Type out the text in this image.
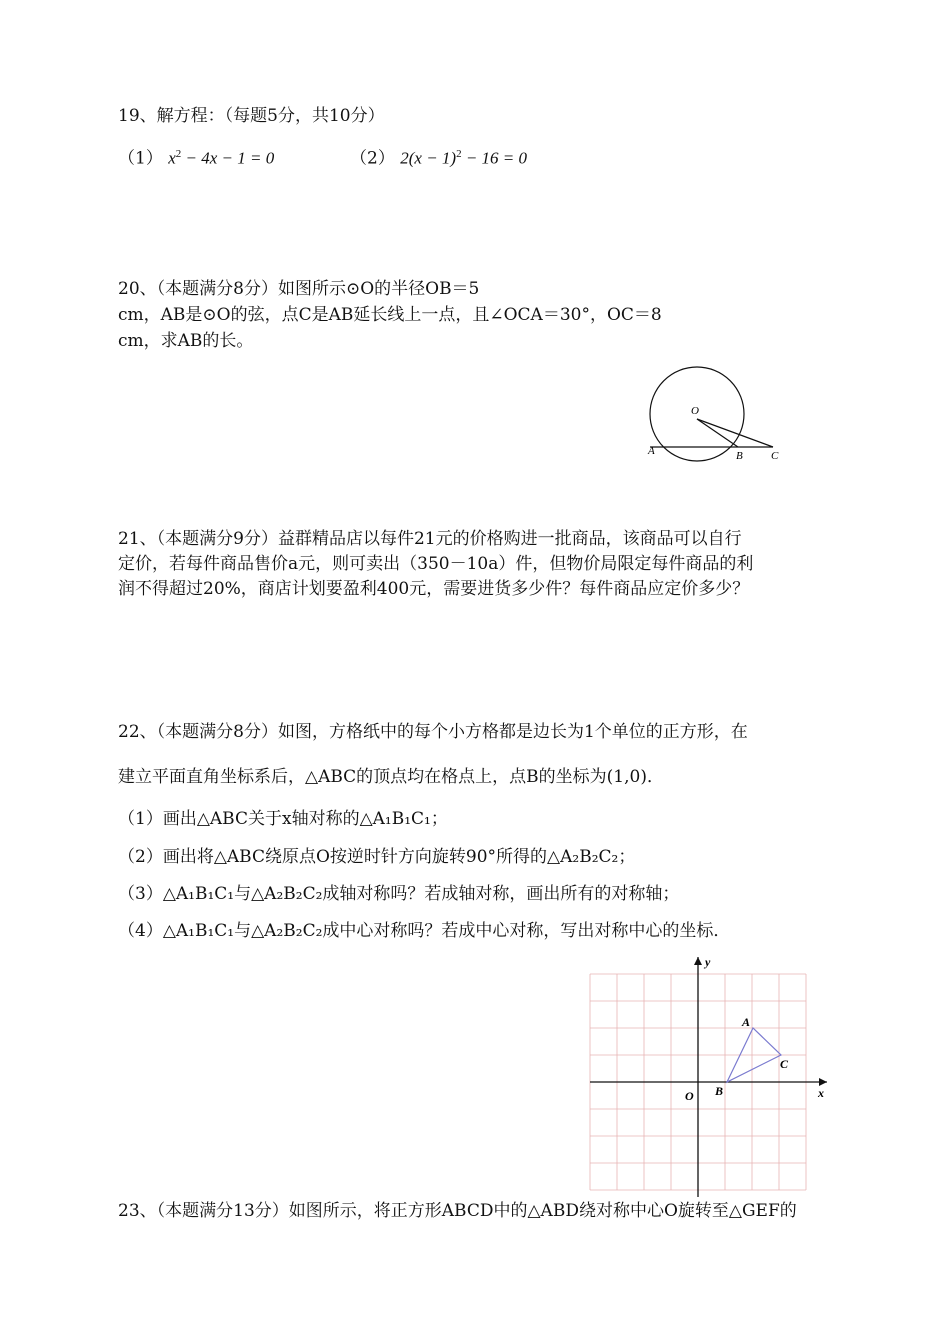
19、解方程：（每题5分，共10分）
（1） $x^2 - 4x - 1 = 0$	（2） $2(x - 1)^2 - 16 = 0$
20、（本题满分8分）如图所示⊙O的半径OB＝5
cm，AB是⊙O的弦，点C是AB延长线上一点，且∠OCA＝30°，OC＝8
cm，求AB的长。
O
A	B	C
21、（本题满分9分）益群精品店以每件21元的价格购进一批商品，该商品可以自行
定价，若每件商品售价a元，则可卖出（350－10a）件，但物价局限定每件商品的利
润不得超过20%，商店计划要盈利400元，需要进货多少件？每件商品应定价多少？
22、（本题满分8分）如图，方格纸中的每个小方格都是边长为1个单位的正方形，在
建立平面直角坐标系后，△ABC的顶点均在格点上，点B的坐标为(1,0)．
（1）画出△ABC关于x轴对称的△A₁B₁C₁；
（2）画出将△ABC绕原点O按逆时针方向旋转90°所得的△A₂B₂C₂；
（3）△A₁B₁C₁与△A₂B₂C₂成轴对称吗？若成轴对称，画出所有的对称轴；
（4）△A₁B₁C₁与△A₂B₂C₂成中心对称吗？若成中心对称，写出对称中心的坐标．
y
x
O
A
B
C
23、（本题满分13分）如图所示，将正方形ABCD中的△ABD绕对称中心O旋转至△GEF的
